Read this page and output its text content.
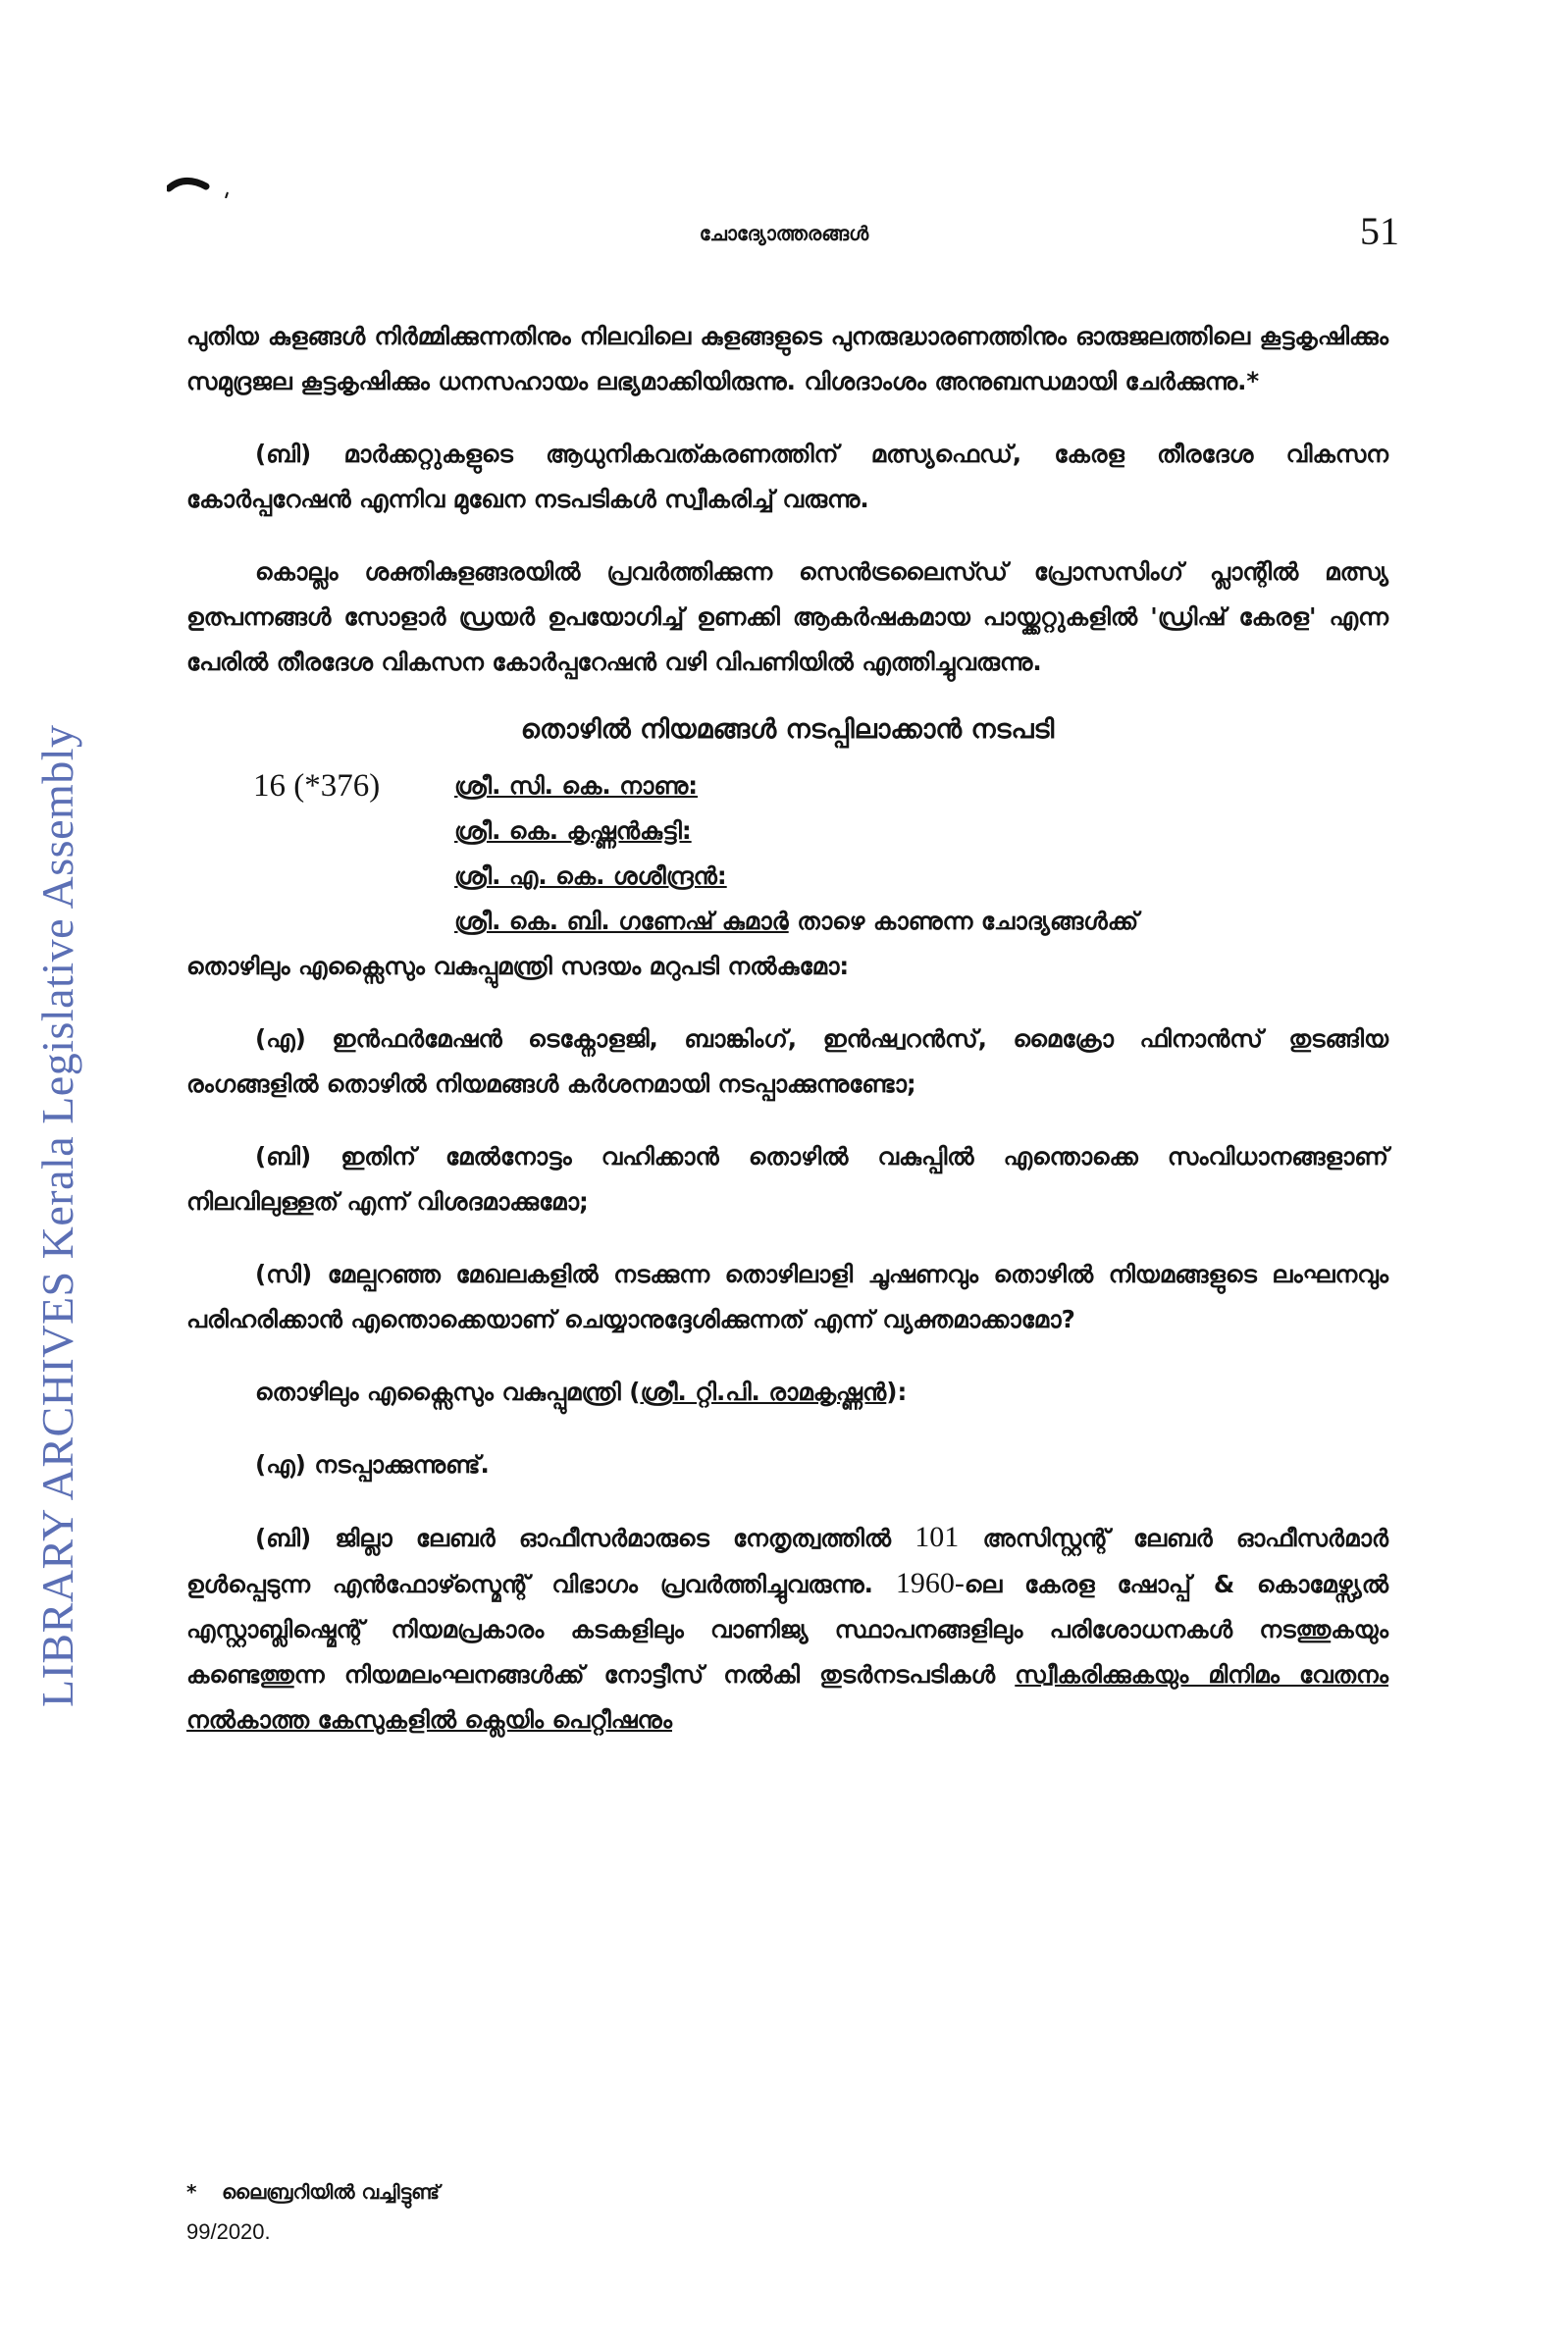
ചോദ്യോത്തരങ്ങൾ	51
LIBRARY ARCHIVES Kerala Legislative Assembly

പുതിയ കുളങ്ങൾ നിർമ്മിക്കുന്നതിനും നിലവിലെ കുളങ്ങളുടെ പുനരുദ്ധാരണത്തിനും ഓരുജലത്തിലെ കൂട്ടകൃഷിക്കും സമുദ്രജല കൂട്ടകൃഷിക്കും ധനസഹായം ലഭ്യമാക്കിയിരുന്നു. വിശദാംശം അനുബന്ധമായി ചേർക്കുന്നു.*

(ബി) മാർക്കറ്റുകളുടെ ആധുനികവത്കരണത്തിന് മത്സ്യഫെഡ്, കേരള തീരദേശ വികസന കോർപ്പറേഷൻ എന്നിവ മുഖേന നടപടികൾ സ്വീകരിച്ച് വരുന്നു.

കൊല്ലം ശക്തികുളങ്ങരയിൽ പ്രവർത്തിക്കുന്ന സെൻട്രലൈസ്ഡ് പ്രോസസിംഗ് പ്ലാന്റിൽ മത്സ്യ ഉത്പന്നങ്ങൾ സോളാർ ഡ്രയർ ഉപയോഗിച്ച് ഉണക്കി ആകർഷകമായ പായ്ക്കറ്റുകളിൽ 'ഡ്രിഷ് കേരള' എന്ന പേരിൽ തീരദേശ വികസന കോർപ്പറേഷൻ വഴി വിപണിയിൽ എത്തിച്ചുവരുന്നു.

തൊഴിൽ നിയമങ്ങൾ നടപ്പിലാക്കാൻ നടപടി
16 (*376)	ശ്രീ. സി. കെ. നാണു:
ശ്രീ. കെ. കൃഷ്ണൻകുട്ടി:
ശ്രീ. എ. കെ. ശശീന്ദ്രൻ:
ശ്രീ. കെ. ബി. ഗണേഷ് കുമാർ
: താഴെ കാണുന്ന ചോദ്യങ്ങൾക്ക്

തൊഴിലും എക്സൈസും വകുപ്പുമന്ത്രി സദയം മറുപടി നൽകുമോ:

(എ) ഇൻഫർമേഷൻ ടെക്നോളജി, ബാങ്കിംഗ്, ഇൻഷ്വറൻസ്, മൈക്രോ ഫിനാൻസ് തുടങ്ങിയ രംഗങ്ങളിൽ തൊഴിൽ നിയമങ്ങൾ കർശനമായി നടപ്പാക്കുന്നുണ്ടോ;

(ബി) ഇതിന് മേൽനോട്ടം വഹിക്കാൻ തൊഴിൽ വകുപ്പിൽ എന്തൊക്കെ സംവിധാനങ്ങളാണ് നിലവിലുള്ളത് എന്ന് വിശദമാക്കുമോ;

(സി) മേല്പറഞ്ഞ മേഖലകളിൽ നടക്കുന്ന തൊഴിലാളി ചൂഷണവും തൊഴിൽ നിയമങ്ങളുടെ ലംഘനവും പരിഹരിക്കാൻ എന്തൊക്കെയാണ് ചെയ്യാനുദ്ദേശിക്കുന്നത് എന്ന് വ്യക്തമാക്കാമോ?

തൊഴിലും എക്സൈസും വകുപ്പുമന്ത്രി (ശ്രീ. റ്റി.പി. രാമകൃഷ്ണൻ):

(എ) നടപ്പാക്കുന്നുണ്ട്.

(ബി) ജില്ലാ ലേബർ ഓഫീസർമാരുടെ നേതൃത്വത്തിൽ 101 അസിസ്റ്റന്റ് ലേബർ ഓഫീസർമാർ ഉൾപ്പെടുന്ന എൻഫോഴ്സ്മെന്റ് വിഭാഗം പ്രവർത്തിച്ചുവരുന്നു. 1960-ലെ കേരള ഷോപ്പ് & കൊമേഴ്സ്യൽ എസ്റ്റാബ്ലിഷ്മെന്റ് നിയമപ്രകാരം കടകളിലും വാണിജ്യ സ്ഥാപനങ്ങളിലും പരിശോധനകൾ നടത്തുകയും കണ്ടെത്തുന്ന നിയമലംഘനങ്ങൾക്ക് നോട്ടീസ് നൽകി തുടർനടപടികൾ സ്വീകരിക്കുകയും മിനിമം വേതനം നൽകാത്ത കേസുകളിൽ ക്ലെയിം പെറ്റീഷനും

* ലൈബ്രറിയിൽ വച്ചിട്ടുണ്ട്
99/2020.
